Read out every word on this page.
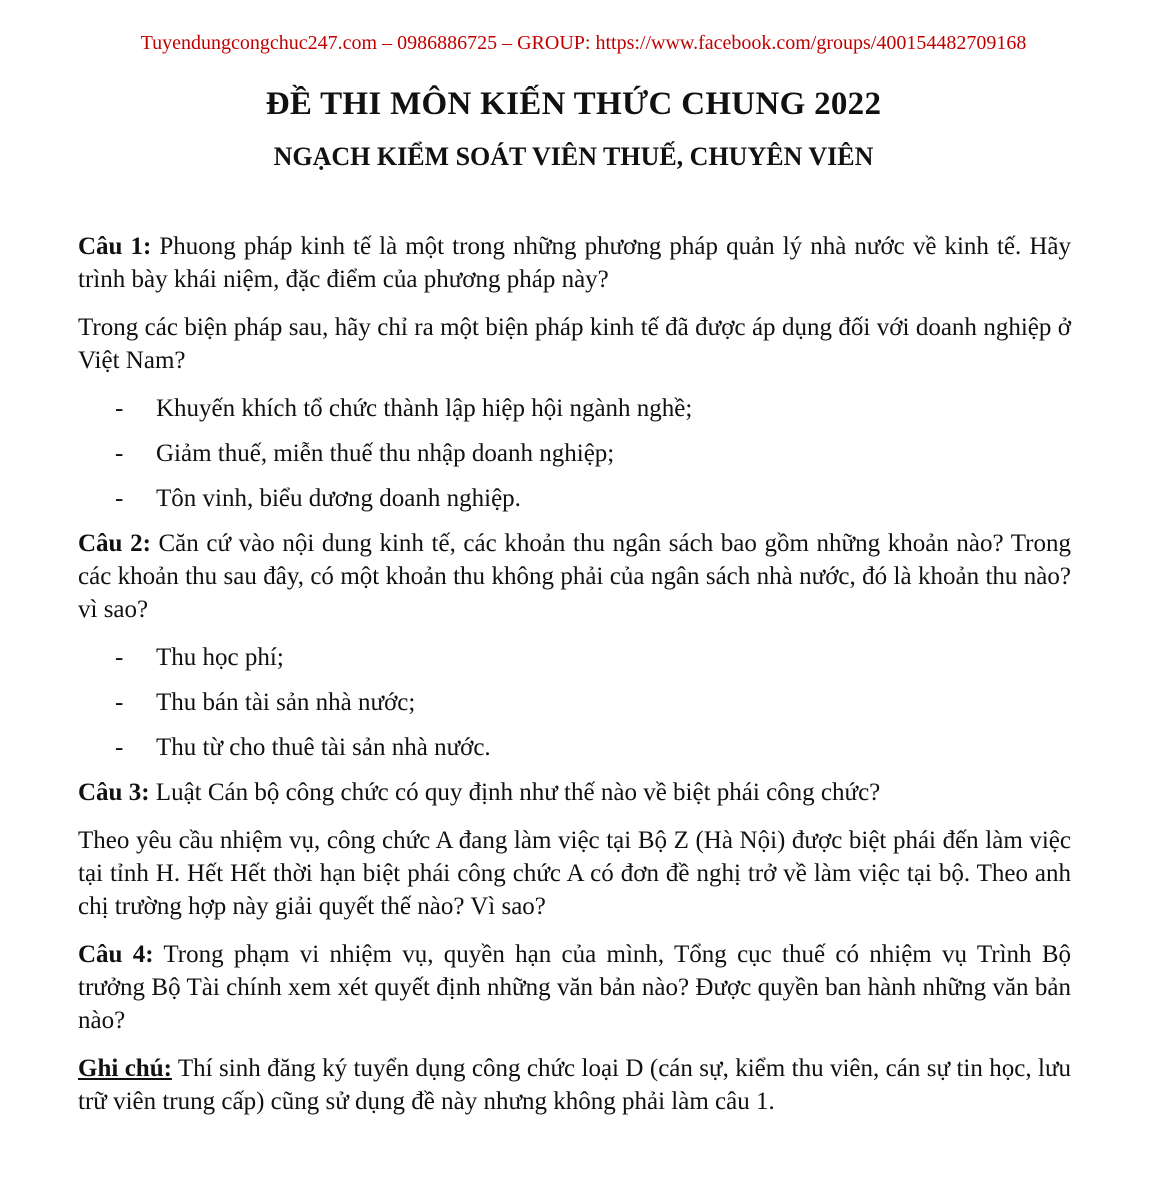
Tuyendungcongchuc247.com – 0986886725 – GROUP: https://www.facebook.com/groups/400154482709168
ĐỀ THI MÔN KIẾN THỨC CHUNG 2022
NGẠCH KIỂM SOÁT VIÊN THUẾ, CHUYÊN VIÊN

Câu 1: Phuong pháp kinh tế là một trong những phương pháp quản lý nhà nước về kinh tế. Hãy trình bày khái niệm, đặc điểm của phương pháp này?

Trong các biện pháp sau, hãy chỉ ra một biện pháp kinh tế đã được áp dụng đối với doanh nghiệp ở Việt Nam?

- Khuyến khích tổ chức thành lập hiệp hội ngành nghề;
- Giảm thuế, miễn thuế thu nhập doanh nghiệp;
- Tôn vinh, biểu dương doanh nghiệp.

Câu 2: Căn cứ vào nội dung kinh tế, các khoản thu ngân sách bao gồm những khoản nào? Trong các khoản thu sau đây, có một khoản thu không phải của ngân sách nhà nước, đó là khoản thu nào? vì sao?

- Thu học phí;
- Thu bán tài sản nhà nước;
- Thu từ cho thuê tài sản nhà nước.

Câu 3: Luật Cán bộ công chức có quy định như thế nào về biệt phái công chức?

Theo yêu cầu nhiệm vụ, công chức A đang làm việc tại Bộ Z (Hà Nội) được biệt phái đến làm việc tại tỉnh H. Hết Hết thời hạn biệt phái công chức A có đơn đề nghị trở về làm việc tại bộ. Theo anh chị trường hợp này giải quyết thế nào? Vì sao?

Câu 4: Trong phạm vi nhiệm vụ, quyền hạn của mình, Tổng cục thuế có nhiệm vụ Trình Bộ trưởng Bộ Tài chính xem xét quyết định những văn bản nào? Được quyền ban hành những văn bản nào?

Ghi chú: Thí sinh đăng ký tuyển dụng công chức loại D (cán sự, kiểm thu viên, cán sự tin học, lưu trữ viên trung cấp) cũng sử dụng đề này nhưng không phải làm câu 1.
